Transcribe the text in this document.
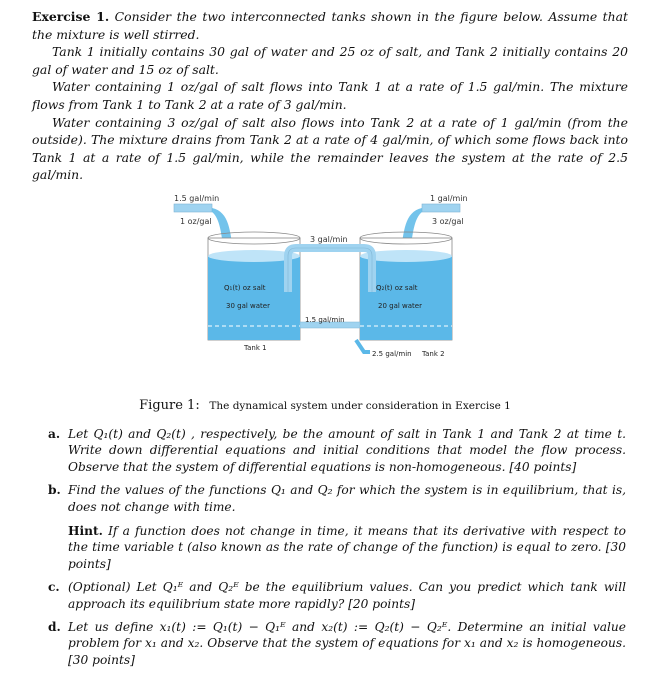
Exercise 1. Consider the two interconnected tanks shown in the figure below. Assume that the mixture is well stirred.

Tank 1 initially contains 30 gal of water and 25 oz of salt, and Tank 2 initially contains 20 gal of water and 15 oz of salt.

Water containing 1 oz/gal of salt flows into Tank 1 at a rate of 1.5 gal/min. The mixture flows from Tank 1 to Tank 2 at a rate of 3 gal/min.

Water containing 3 oz/gal of salt also flows into Tank 2 at a rate of 1 gal/min (from the outside). The mixture drains from Tank 2 at a rate of 4 gal/min, of which some flows back into Tank 1 at a rate of 1.5 gal/min, while the remainder leaves the system at the rate of 2.5 gal/min.

1.5 gal/min
1 oz/gal
1 gal/min
3 oz/gal
3 gal/min
Q₁(t) oz salt
30 gal water
Q₂(t) oz salt
20 gal water
1.5 gal/min
2.5 gal/min
Tank 1
Tank 2
Figure 1: The dynamical system under consideration in Exercise 1
a. Let Q₁(t) and Q₂(t) , respectively, be the amount of salt in Tank 1 and Tank 2 at time t. Write down differential equations and initial conditions that model the flow process. Observe that the system of differential equations is non-homogeneous. [40 points]
b. Find the values of the functions Q₁ and Q₂ for which the system is in equilibrium, that is, does not change with time.
Hint. If a function does not change in time, it means that its derivative with respect to the time variable t (also known as the rate of change of the function) is equal to zero. [30 points]
c. (Optional) Let Q₁ᴱ and Q₂ᴱ be the equilibrium values. Can you predict which tank will approach its equilibrium state more rapidly? [20 points]
d. Let us define x₁(t) := Q₁(t) − Q₁ᴱ and x₂(t) := Q₂(t) − Q₂ᴱ. Determine an initial value problem for x₁ and x₂. Observe that the system of equations for x₁ and x₂ is homogeneous. [30 points]
